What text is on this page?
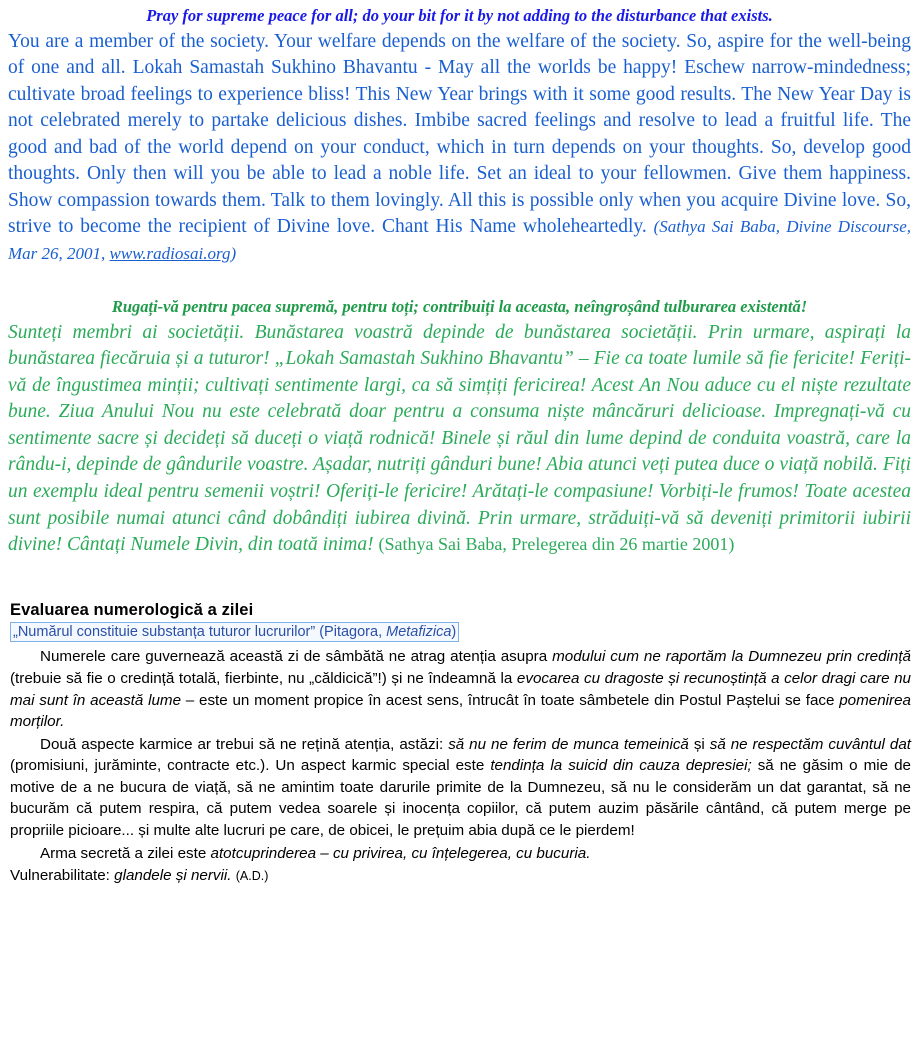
Pray for supreme peace for all; do your bit for it by not adding to the disturbance that exists.
You are a member of the society. Your welfare depends on the welfare of the society. So, aspire for the well-being of one and all. Lokah Samastah Sukhino Bhavantu - May all the worlds be happy! Eschew narrow-mindedness; cultivate broad feelings to experience bliss! This New Year brings with it some good results. The New Year Day is not celebrated merely to partake delicious dishes. Imbibe sacred feelings and resolve to lead a fruitful life. The good and bad of the world depend on your conduct, which in turn depends on your thoughts. So, develop good thoughts. Only then will you be able to lead a noble life. Set an ideal to your fellowmen. Give them happiness. Show compassion towards them. Talk to them lovingly. All this is possible only when you acquire Divine love. So, strive to become the recipient of Divine love. Chant His Name wholeheartedly. (Sathya Sai Baba, Divine Discourse, Mar 26, 2001, www.radiosai.org)
Rugați-vă pentru pacea supremă, pentru toți; contribuiți la aceasta, neîngroșând tulburarea existentă!
Sunteți membri ai societății. Bunăstarea voastră depinde de bunăstarea societății. Prin urmare, aspirați la bunăstarea fiecăruia și a tuturor! „Lokah Samastah Sukhino Bhavantu” – Fie ca toate lumile să fie fericite! Feriți-vă de îngustimea minții; cultivați sentimente largi, ca să simțiți fericirea! Acest An Nou aduce cu el niște rezultate bune. Ziua Anului Nou nu este celebrată doar pentru a consuma niște mâncăruri delicioase. Impregnați-vă cu sentimente sacre și decideți să duceți o viață rodnică! Binele și răul din lume depind de conduita voastră, care la rându-i, depinde de gândurile voastre. Așadar, nutriți gânduri bune! Abia atunci veți putea duce o viață nobilă. Fiți un exemplu ideal pentru semenii voștri! Oferiți-le fericire! Arătați-le compasiune! Vorbiți-le frumos! Toate acestea sunt posibile numai atunci când dobândiți iubirea divină. Prin urmare, străduiți-vă să deveniți primitorii iubirii divine! Cântați Numele Divin, din toată inima! (Sathya Sai Baba, Prelegerea din 26 martie 2001)
Evaluarea numerologică a zilei
„Numărul constituie substanța tuturor lucrurilor” (Pitagora, Metafizica)

Numerele care guvernează această zi de sâmbătă ne atrag atenția asupra modului cum ne raportăm la Dumnezeu prin credință (trebuie să fie o credință totală, fierbinte, nu „căldicică”!) și ne îndeamnă la evocarea cu dragoste și recunoștință a celor dragi care nu mai sunt în această lume – este un moment propice în acest sens, întrucât în toate sâmbetele din Postul Paștelui se face pomenirea morților.

Două aspecte karmice ar trebui să ne rețină atenția, astăzi: să nu ne ferim de munca temeinică și să ne respectăm cuvântul dat (promisiuni, jurăminte, contracte etc.). Un aspect karmic special este tendința la suicid din cauza depresiei; să ne găsim o mie de motive de a ne bucura de viață, să ne amintim toate darurile primite de la Dumnezeu, să nu le considerăm un dat garantat, să ne bucurăm că putem respira, că putem vedea soarele și inocența copiilor, că putem auzim păsările cântând, că putem merge pe propriile picioare... și multe alte lucruri pe care, de obicei, le prețuim abia după ce le pierdem!

Arma secretă a zilei este atotcuprinderea – cu privirea, cu înțelegerea, cu bucuria.

Vulnerabilitate: glandele și nervii. (A.D.)
